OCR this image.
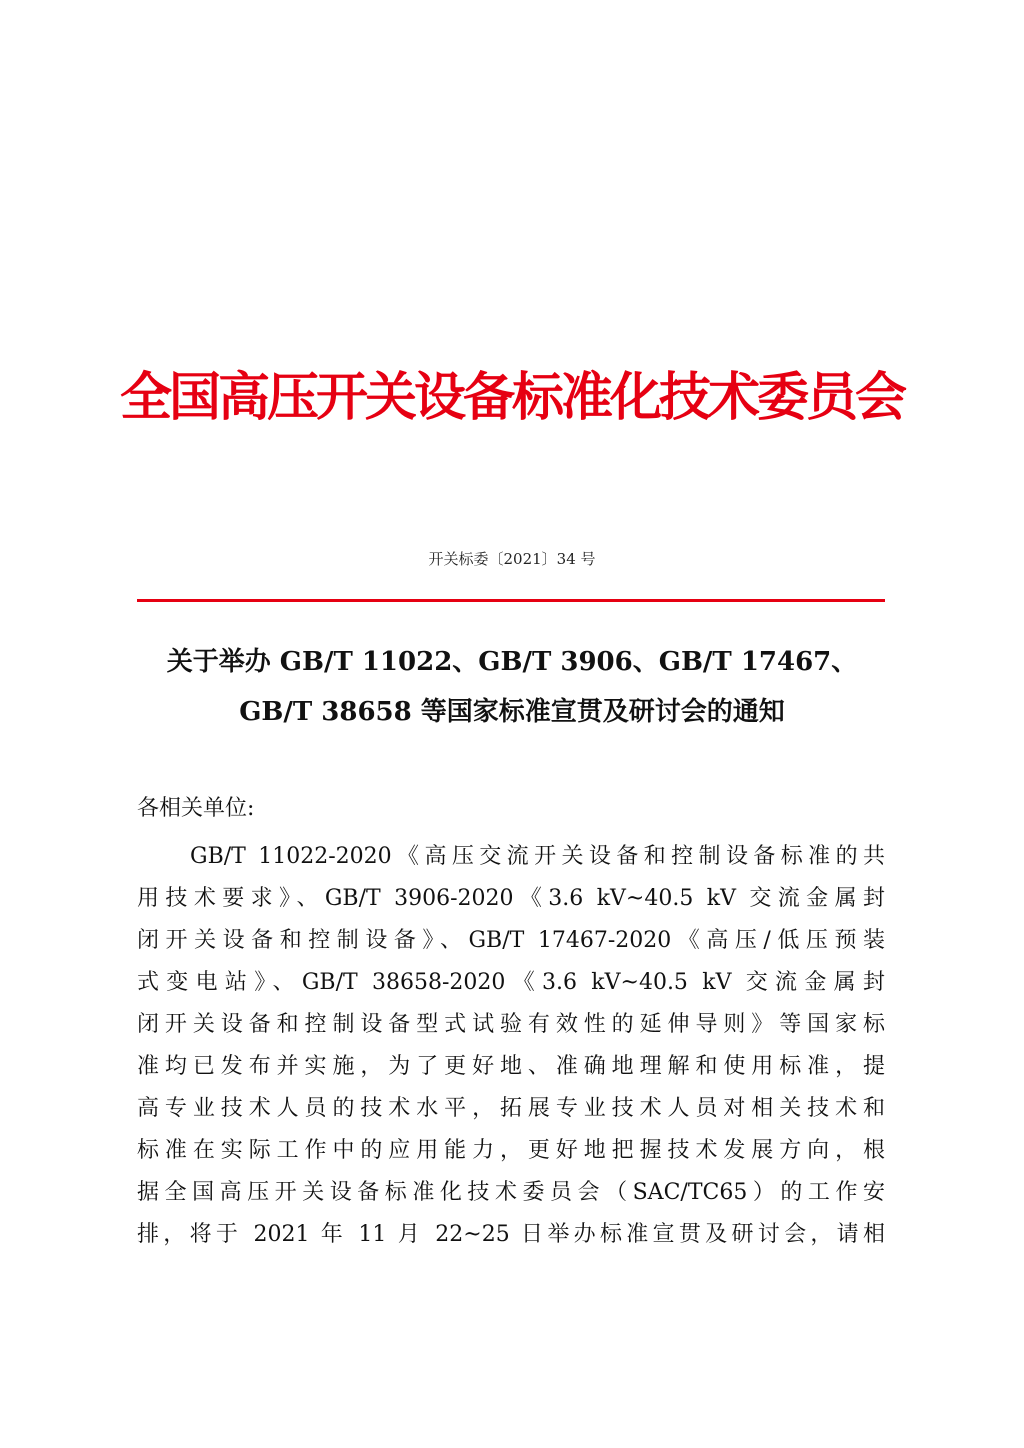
全国高压开关设备标准化技术委员会
开关标委〔2021〕34 号
关于举办 GB/T 11022、GB/T 3906、GB/T 17467、
GB/T 38658 等国家标准宣贯及研讨会的通知
各相关单位:
GB/T 11022-2020《高压交流开关设备和控制设备标准的共
用技术要求》、GB/T 3906-2020《3.6 kV~40.5 kV 交流金属封
闭开关设备和控制设备》、GB/T 17467-2020《高压/低压预装
式变电站》、GB/T 38658-2020《3.6 kV~40.5 kV 交流金属封
闭开关设备和控制设备型式试验有效性的延伸导则》等国家标
准均已发布并实施，为了更好地、准确地理解和使用标准，提
高专业技术人员的技术水平，拓展专业技术人员对相关技术和
标准在实际工作中的应用能力，更好地把握技术发展方向，根
据全国高压开关设备标准化技术委员会（SAC/TC65）的工作安
排，将于 2021 年 11 月 22~25 日举办标准宣贯及研讨会，请相
